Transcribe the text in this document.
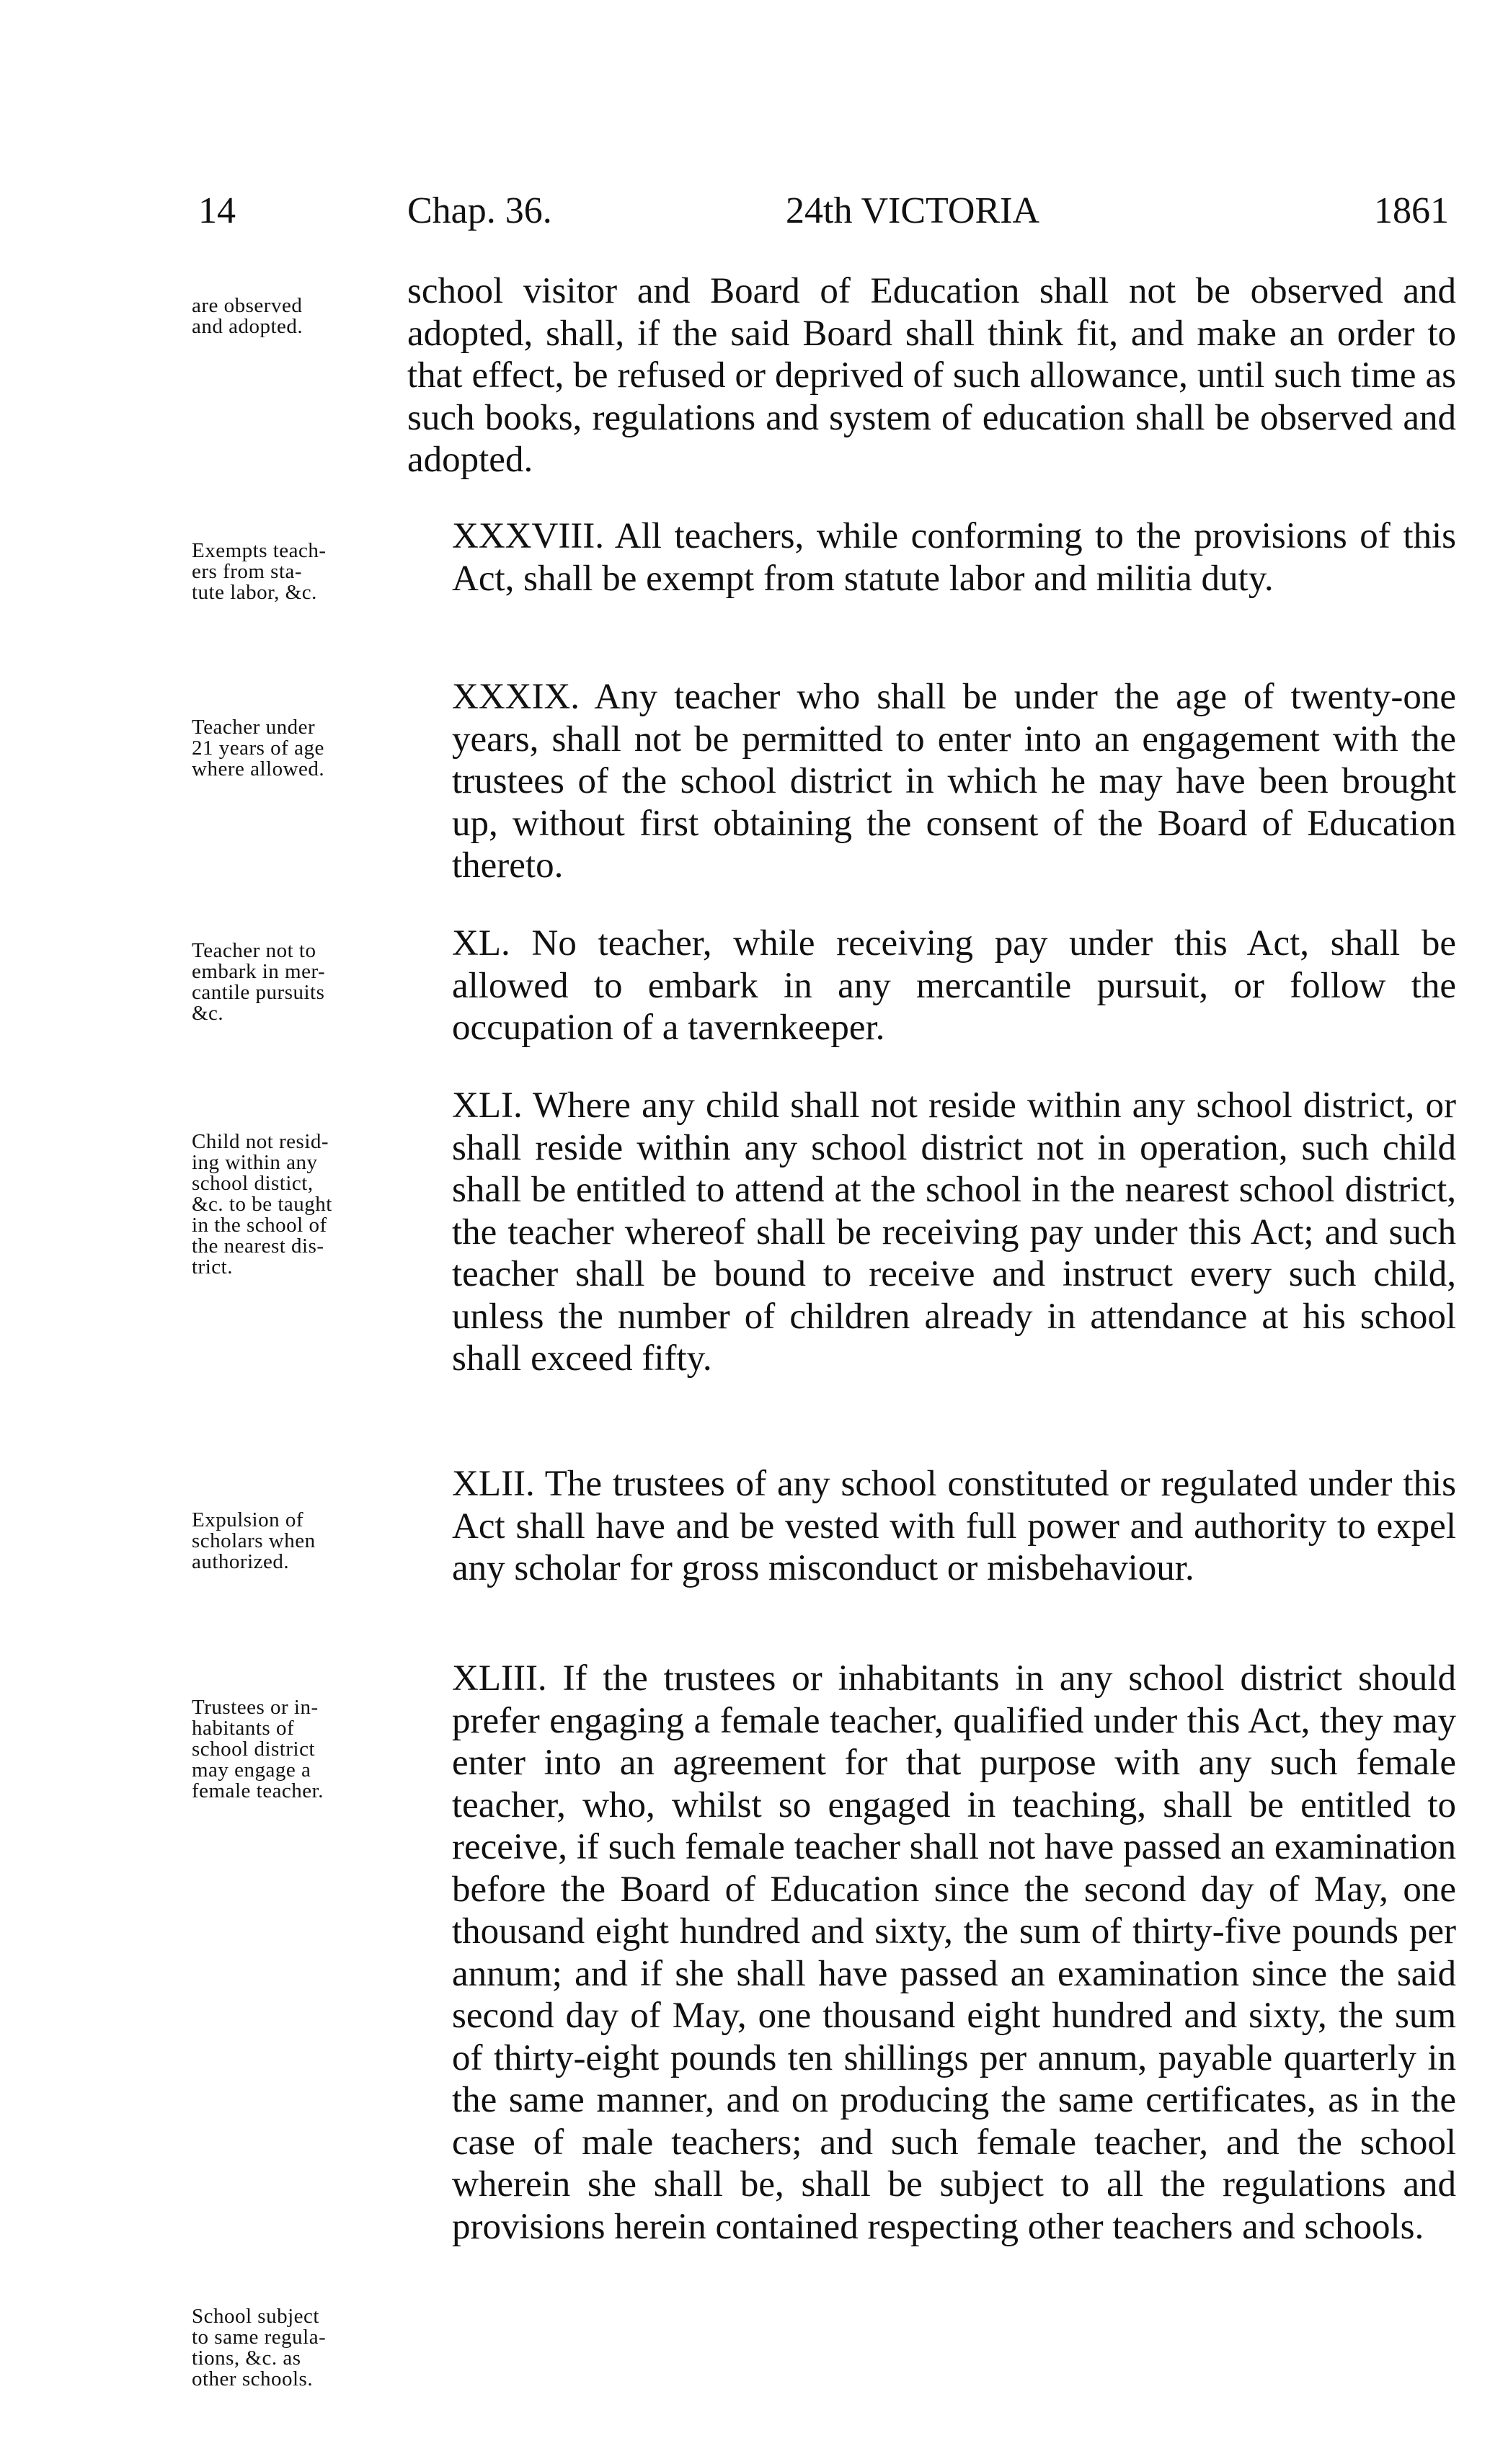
14	Chap. 36.	24th VICTORIA	1861
are observed
and adopted.
Exempts teach-
ers from sta-
tute labor, &c.
Teacher under
21 years of age
where allowed.
Teacher not to
embark in mer-
cantile pursuits
&c.
Child not resid-
ing within any
school distict,
&c. to be taught
in the school of
the nearest dis-
trict.
Expulsion of
scholars when
authorized.
Trustees or in-
habitants of
school district
may engage a
female teacher.
School subject
to same regula-
tions, &c. as
other schools.
school visitor and Board of Education shall not be observed and adopted, shall, if the said Board shall think fit, and make an order to that effect, be refused or deprived of such allowance, until such time as such books, regulations and system of education shall be observed and adopted.
XXXVIII. All teachers, while conforming to the provisions of this Act, shall be exempt from statute labor and militia duty.
XXXIX. Any teacher who shall be under the age of twenty-one years, shall not be permitted to enter into an engagement with the trustees of the school district in which he may have been brought up, without first obtaining the consent of the Board of Education thereto.
XL. No teacher, while receiving pay under this Act, shall be allowed to embark in any mercantile pursuit, or follow the occupation of a tavernkeeper.
XLI. Where any child shall not reside within any school district, or shall reside within any school district not in operation, such child shall be entitled to attend at the school in the nearest school district, the teacher whereof shall be receiving pay under this Act; and such teacher shall be bound to receive and instruct every such child, unless the number of children already in attendance at his school shall exceed fifty.
XLII. The trustees of any school constituted or regulated under this Act shall have and be vested with full power and authority to expel any scholar for gross misconduct or misbehaviour.
XLIII. If the trustees or inhabitants in any school district should prefer engaging a female teacher, qualified under this Act, they may enter into an agreement for that purpose with any such female teacher, who, whilst so engaged in teaching, shall be entitled to receive, if such female teacher shall not have passed an examination before the Board of Education since the second day of May, one thousand eight hundred and sixty, the sum of thirty-five pounds per annum; and if she shall have passed an examination since the said second day of May, one thousand eight hundred and sixty, the sum of thirty-eight pounds ten shillings per annum, payable quarterly in the same manner, and on producing the same certificates, as in the case of male teachers; and such female teacher, and the school wherein she shall be, shall be subject to all the regulations and provisions herein contained respecting other teachers and schools.
